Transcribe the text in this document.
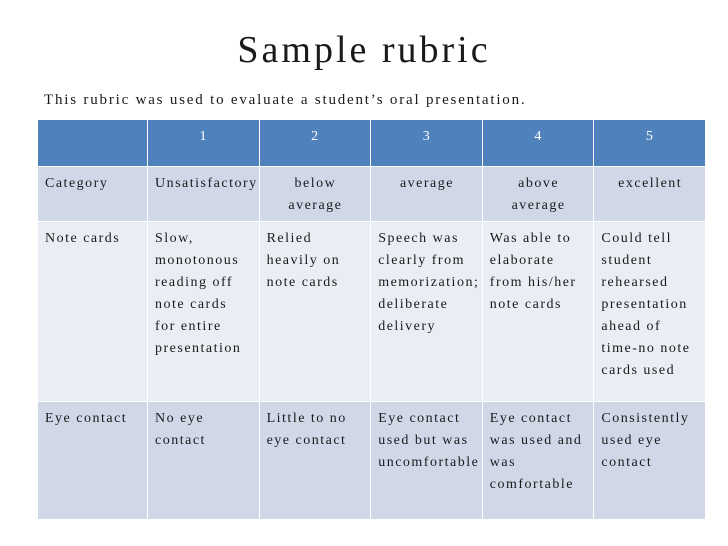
Sample rubric
This rubric was used to evaluate a student’s oral presentation.
	1	2	3	4	5
Category	Unsatisfactory	below average	average	above average	excellent
Note cards	Slow, monotonous reading off note cards for entire presentation	Relied heavily on note cards	Speech was clearly from memorization; deliberate delivery	Was able to elaborate from his/her note cards	Could tell student rehearsed presentation ahead of time-no note cards used
Eye contact	No eye contact	Little to no eye contact	Eye contact used but was uncomfortable	Eye contact was used and was comfortable	Consistently used eye contact
